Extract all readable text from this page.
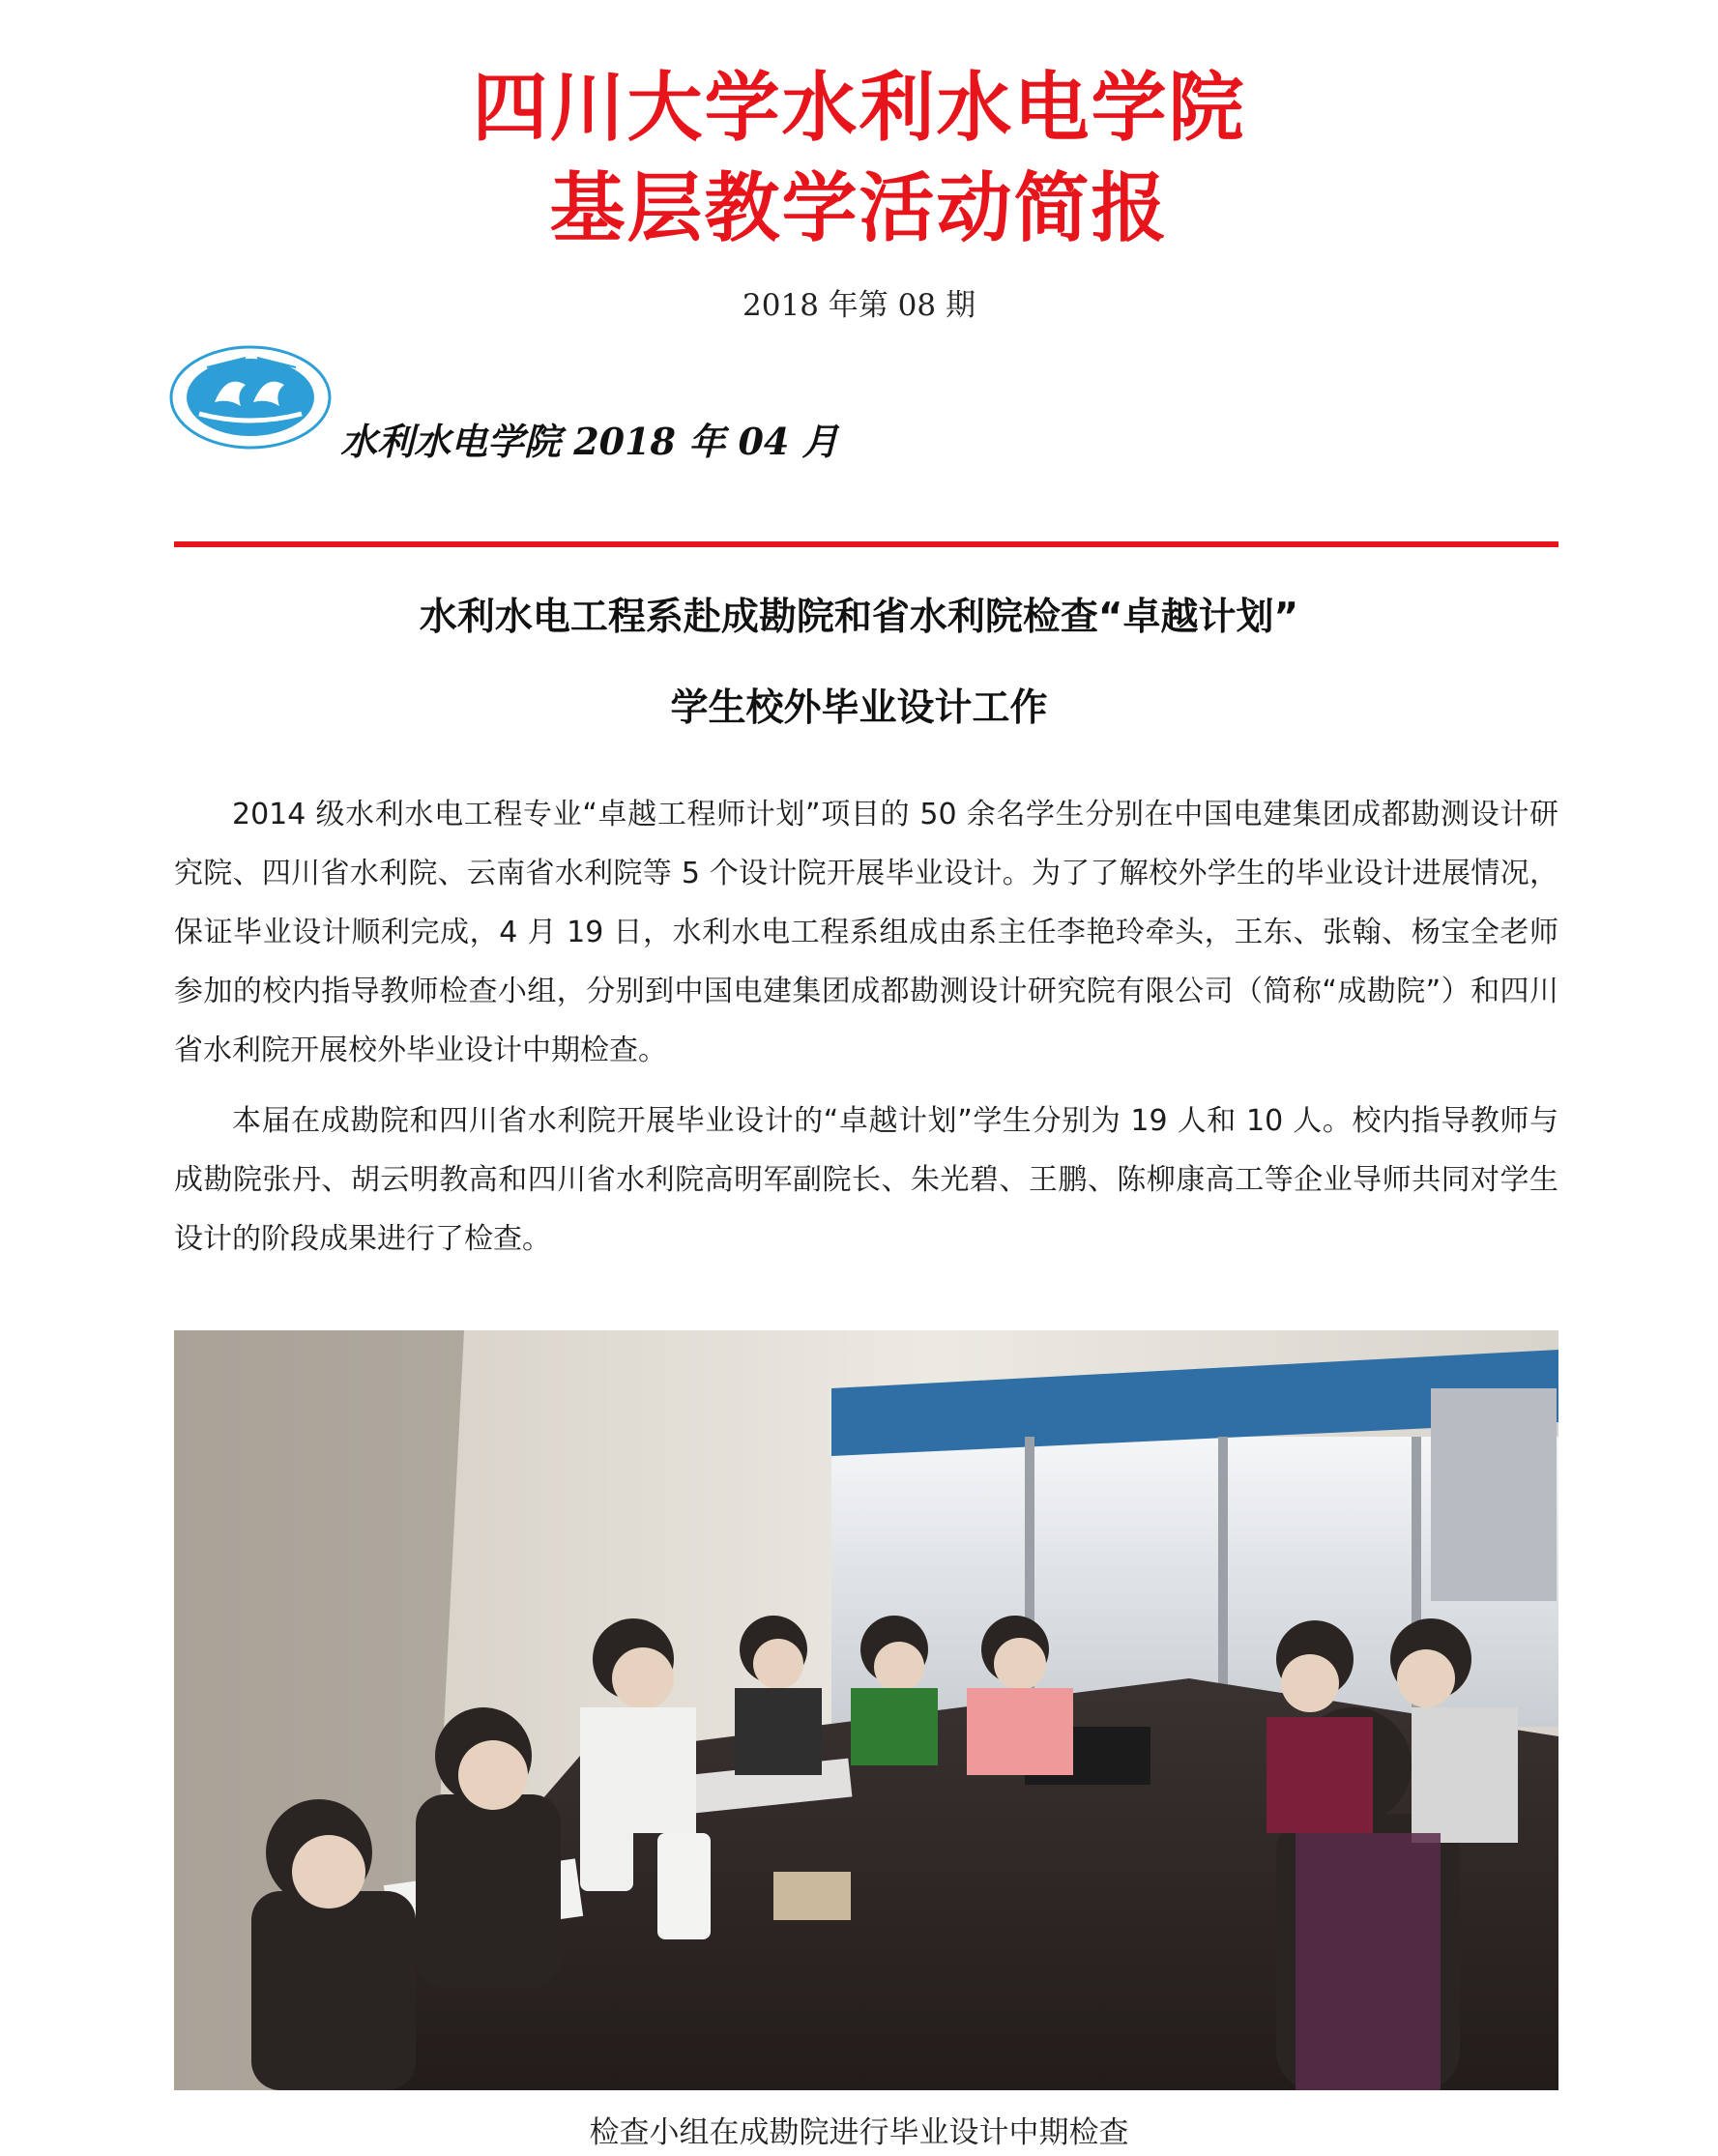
四川大学水利水电学院
基层教学活动简报
2018 年第 08 期
水利水电学院 2018 年 04 月
水利水电工程系赴成勘院和省水利院检查“卓越计划”
学生校外毕业设计工作

2014 级水利水电工程专业“卓越工程师计划”项目的 50 余名学生分别在中国电建集团成都勘测设计研究院、四川省水利院、云南省水利院等 5 个设计院开展毕业设计。为了了解校外学生的毕业设计进展情况，保证毕业设计顺利完成，4 月 19 日，水利水电工程系组成由系主任李艳玲牵头，王东、张翰、杨宝全老师参加的校内指导教师检查小组，分别到中国电建集团成都勘测设计研究院有限公司（简称“成勘院”）和四川省水利院开展校外毕业设计中期检查。

本届在成勘院和四川省水利院开展毕业设计的“卓越计划”学生分别为 19 人和 10 人。校内指导教师与成勘院张丹、胡云明教高和四川省水利院高明军副院长、朱光碧、王鹏、陈柳康高工等企业导师共同对学生设计的阶段成果进行了检查。

检查小组在成勘院进行毕业设计中期检查
